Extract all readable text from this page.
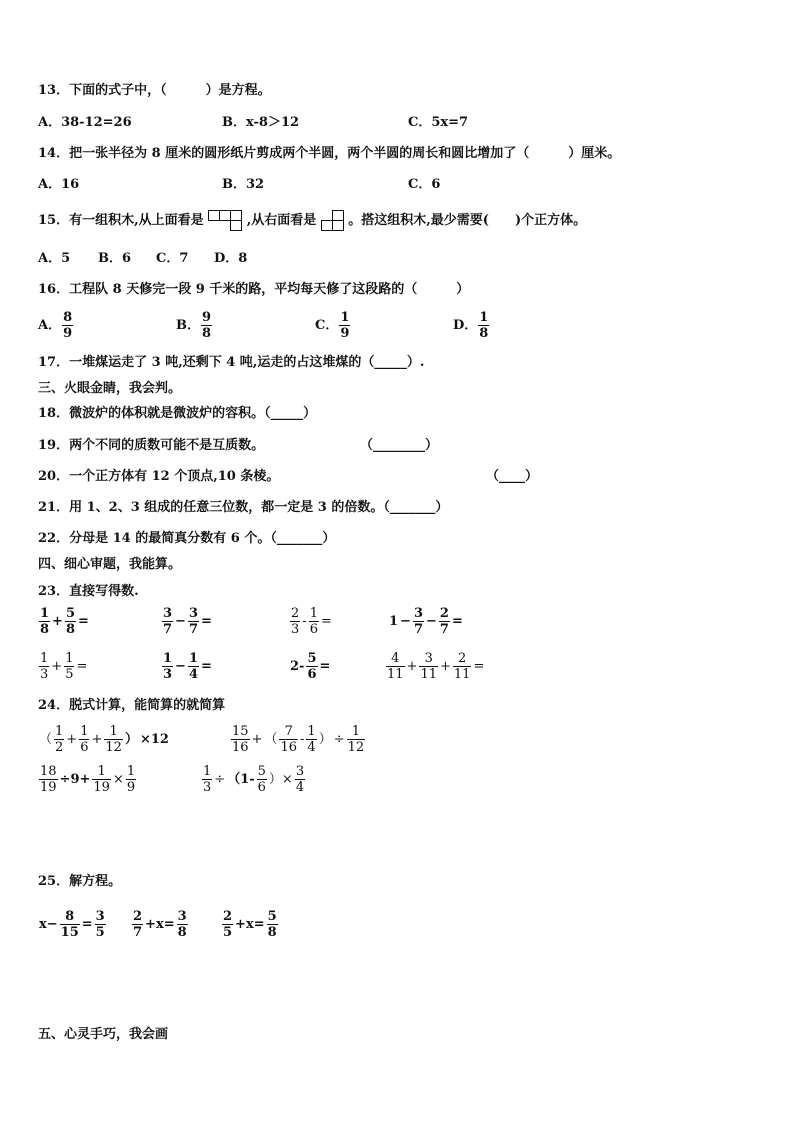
13．下面的式子中，（　　　）是方程。
A．38-12=26	B．x-8＞12	C．5x=7
14．把一张半径为 8 厘米的圆形纸片剪成两个半圆，两个半圆的周长和圆比增加了（　　　）厘米。
A．16	B．32	C．6
15．有一组积木,从上面看是

			,从右面看是

	。搭这组积木,最少需要(　　)个正方体。
A．5 B．6 C．7 D．8
16．工程队 8 天修完一段 9 千米的路，平均每天修了这段路的（　　　）
A． $\frac{8}{9}$	B． $\frac{9}{8}$	C． $\frac{1}{9}$	D． $\frac{1}{8}$
17．一堆煤运走了 3 吨,还剩下 4 吨,运走的占这堆煤的（_____）.
三、火眼金睛，我会判。
18．微波炉的体积就是微波炉的容积。（_____）
19．两个不同的质数可能不是互质数。	（________）
20．一个正方体有 12 个顶点,10 条棱。	（____）
21．用 1、2、3 组成的任意三位数，都一定是 3 的倍数。（_______）
22．分母是 14 的最简真分数有 6 个。（_______）
四、细心审题，我能算。
23．直接写得数.
$\frac{1}{8} + \frac{5}{8}$ =	$\frac{3}{7} - \frac{3}{7}$ =	$\frac{2}{3} - \frac{1}{6}$ =	$1 - \frac{3}{7} - \frac{2}{7}$ =
$\frac{1}{3} + \frac{1}{5}$ =	$\frac{1}{3} - \frac{1}{4}$ =	$2- \frac{5}{6}$ =	$\frac{4}{11} + \frac{3}{11} + \frac{2}{11}$ =
24．脱式计算，能简算的就简算
（ $\frac{1}{2} + \frac{1}{6} + \frac{1}{12}$ ） ×12	$\frac{15}{16}$ + （ $\frac{7}{16} - \frac{1}{4}$ ） ÷ $\frac{1}{12}$
$\frac{18}{19} \div 9+ \frac{1}{19} \times \frac{1}{9}$	$\frac{1}{3} \div (1- \frac{5}{6}$ ）× $\frac{3}{4}$
25．解方程。
$x- \frac{8}{15} = \frac{3}{5} \frac{2}{7} +x= \frac{3}{8}$	$\frac{2}{5} +x= \frac{5}{8}$
五、心灵手巧，我会画
